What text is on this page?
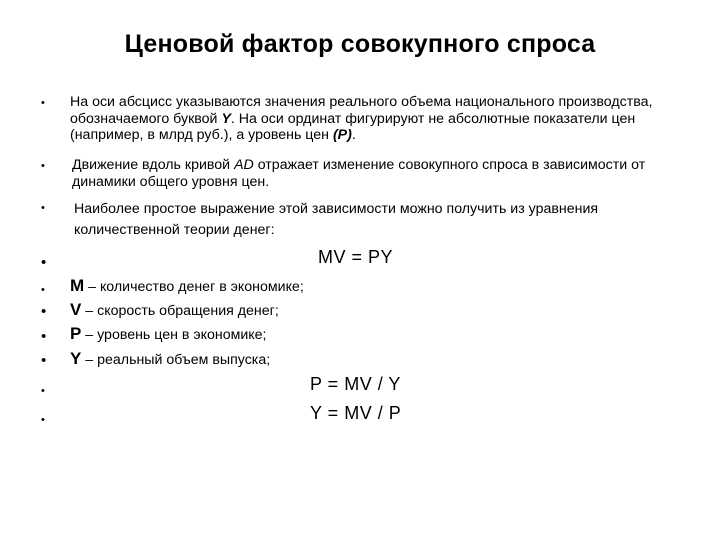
Ценовой фактор совокупного спроса
• На оси абсцисс указываются значения реального объема национального производства, обозначаемого буквой Y. На оси ординат фигурируют не абсолютные показатели цен (например, в млрд руб.), а уровень цен (Р).
• Движение вдоль кривой AD отражает изменение совокупного спроса в зависимости от динамики общего уровня цен.
• Наиболее простое выражение этой зависимости можно получить из уравнения количественной теории денег:
•	MV = PY
• M – количество денег в экономике;
• V – скорость обращения денег;
• P – уровень цен в экономике;
• Y – реальный объем выпуска;
•	P = MV / Y
•	Y = MV / P
